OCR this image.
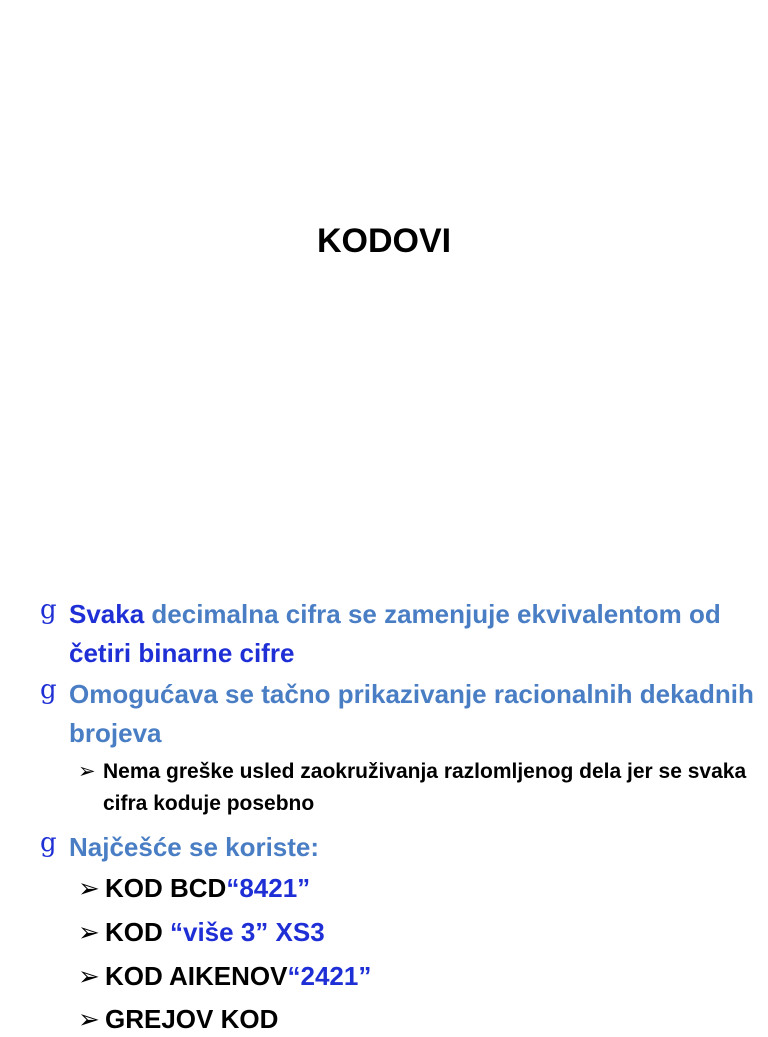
KODOVI
g Svaka decimalna cifra se zamenjuje ekvivalentom od četiri binarne cifre
g Omogućava se tačno prikazivanje racionalnih dekadnih brojeva
➢ Nema greške usled zaokruživanja razlomljenog dela jer se svaka cifra koduje posebno
g Najčešće se koriste:
➢ KOD BCD“8421”
➢ KOD “više 3” XS3
➢ KOD AIKENOV“2421”
➢ GREJOV KOD
